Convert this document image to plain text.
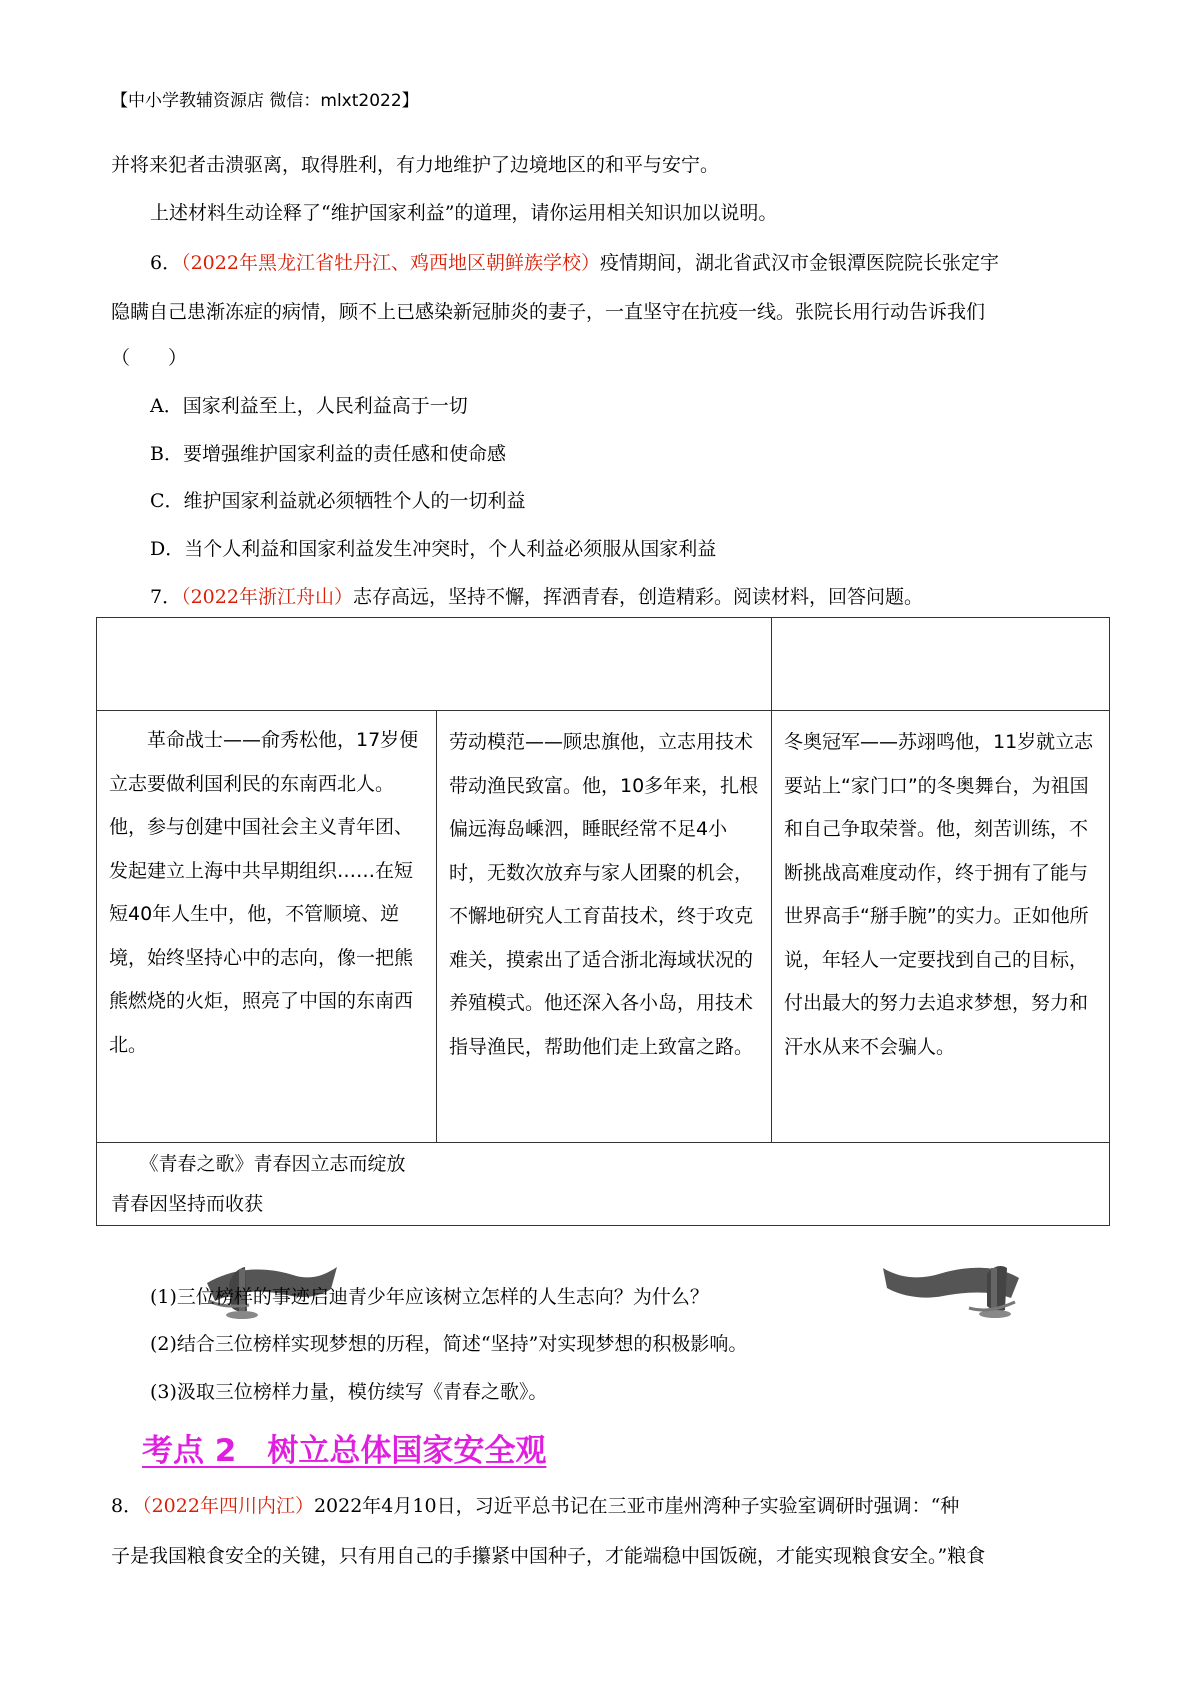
【中小学教辅资源店 微信：mlxt2022】
并将来犯者击溃驱离，取得胜利，有力地维护了边境地区的和平与安宁。
上述材料生动诠释了“维护国家利益”的道理，请你运用相关知识加以说明。
6．（2022年黑龙江省牡丹江、鸡西地区朝鲜族学校）疫情期间，湖北省武汉市金银潭医院院长张定宇
隐瞒自己患渐冻症的病情，顾不上已感染新冠肺炎的妻子，一直坚守在抗疫一线。张院长用行动告诉我们
（　　）
A．国家利益至上，人民利益高于一切
B．要增强维护国家利益的责任感和使命感
C．维护国家利益就必须牺牲个人的一切利益
D．当个人利益和国家利益发生冲突时，个人利益必须服从国家利益
7．（2022年浙江舟山）志存高远，坚持不懈，挥洒青春，创造精彩。阅读材料，回答问题。

　　革命战士——俞秀松他，17岁便立志要做利国利民的东南西北人。他，参与创建中国社会主义青年团、发起建立上海中共早期组织……在短短40年人生中，他，不管顺境、逆境，始终坚持心中的志向，像一把熊熊燃烧的火炬，照亮了中国的东南西北。	劳动模范——顾忠旗他，立志用技术带动渔民致富。他，10多年来，扎根偏远海岛嵊泗，睡眠经常不足4小时，无数次放弃与家人团聚的机会，不懈地研究人工育苗技术，终于攻克难关，摸索出了适合浙北海域状况的养殖模式。他还深入各小岛，用技术指导渔民，帮助他们走上致富之路。	冬奥冠军——苏翊鸣他，11岁就立志要站上“家门口”的冬奥舞台，为祖国和自己争取荣誉。他，刻苦训练，不断挑战高难度动作，终于拥有了能与世界高手“掰手腕”的实力。正如他所说，年轻人一定要找到自己的目标，付出最大的努力去追求梦想，努力和汗水从来不会骗人。

　　《青春之歌》青春因立志而绽放
青春因坚持而收获		
(1)三位榜样的事迹启迪青少年应该树立怎样的人生志向？为什么？
(2)结合三位榜样实现梦想的历程，简述“坚持”对实现梦想的积极影响。
(3)汲取三位榜样力量，模仿续写《青春之歌》。
考点 2　树立总体国家安全观
8．（2022年四川内江）2022年4月10日，习近平总书记在三亚市崖州湾种子实验室调研时强调：“种
子是我国粮食安全的关键，只有用自己的手攥紧中国种子，才能端稳中国饭碗，才能实现粮食安全。”粮食
